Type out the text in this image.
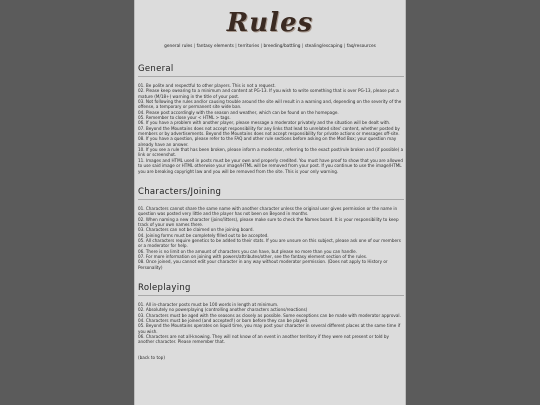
Rules
general rules | fantasy elements | territories | breeding/battling | stealing/escaping | faq/resources
General

01. Be polite and respectful to other players. This is not a request.

02. Please keep swearing to a minimum and content at PG-13. If you wish to write something that is over PG-13, please put a mature (M/18+) warning in the title of your post.

03. Not following the rules and/or causing trouble around the site will result in a warning and, depending on the severity of the offense, a temporary or permanent site wide ban.

04. Please post accordingly with the season and weather, which can be found on the homepage.

05. Remember to close your < HTML > tags.

06. If you have a problem with another player, please message a moderator privately and the situation will be dealt with.

07. Beyond the Mountains does not accept responsibility for any links that lead to unrelated sites' content, whether posted by members or by advertisements. Beyond the Mountains does not accept responsibility for private actions or messages off-site.

08. If you have a question, please refer to the FAQ and other rule sections before asking on the Mod Box; your question may already have an answer.

10. If you see a rule that has been broken, please inform a moderator, referring to the exact post/rule broken and (if possible) a link or screenshot.

11. Images and HTML used in posts must be your own and properly credited. You must have proof to show that you are allowed to use said image or HTML otherwise your image/HTML will be removed from your post. If you continue to use the image/HTML you are breaking copyright law and you will be removed from the site. This is your only warning.

Characters/Joining

01. Characters cannot share the same name with another character unless the original user gives permission or the name in question was posted very little and the player has not been on Beyond in months.

02. When naming a new character (joins/litters), please make sure to check the Names board. It is your responsibility to keep track of your own names there.

03. Characters can not be claimed on the joining board.

04. Joining forms must be completely filled out to be accepted.

05. All characters require genetics to be added to their stats. If you are unsure on this subject, please ask one of our members or a moderator for help.

06. There is no limit on the amount of characters you can have, but please no more than you can handle.

07. For more information on joining with powers/attributes/other, see the fantasy element section of the rules.

08. Once joined, you cannot edit your character in any way without moderator permission. (Does not apply to History or Personality)

Roleplaying

01. All in-character posts must be 100 words in length at minimum.

02. Absolutely no powerplaying (controlling another characters actions/reactions)

03. Characters must be aged with the seasons as closely as possible. Some exceptions can be made with moderator approval.

04. Characters must be joined (and accepted!) or born before they can be played.

05. Beyond the Mountains operates on liquid time, you may post your character in several different places at the same time if you wish.

06. Characters are not all-knowing. They will not know of an event in another territory if they were not present or told by another character. Please remember that.

(back to top)
